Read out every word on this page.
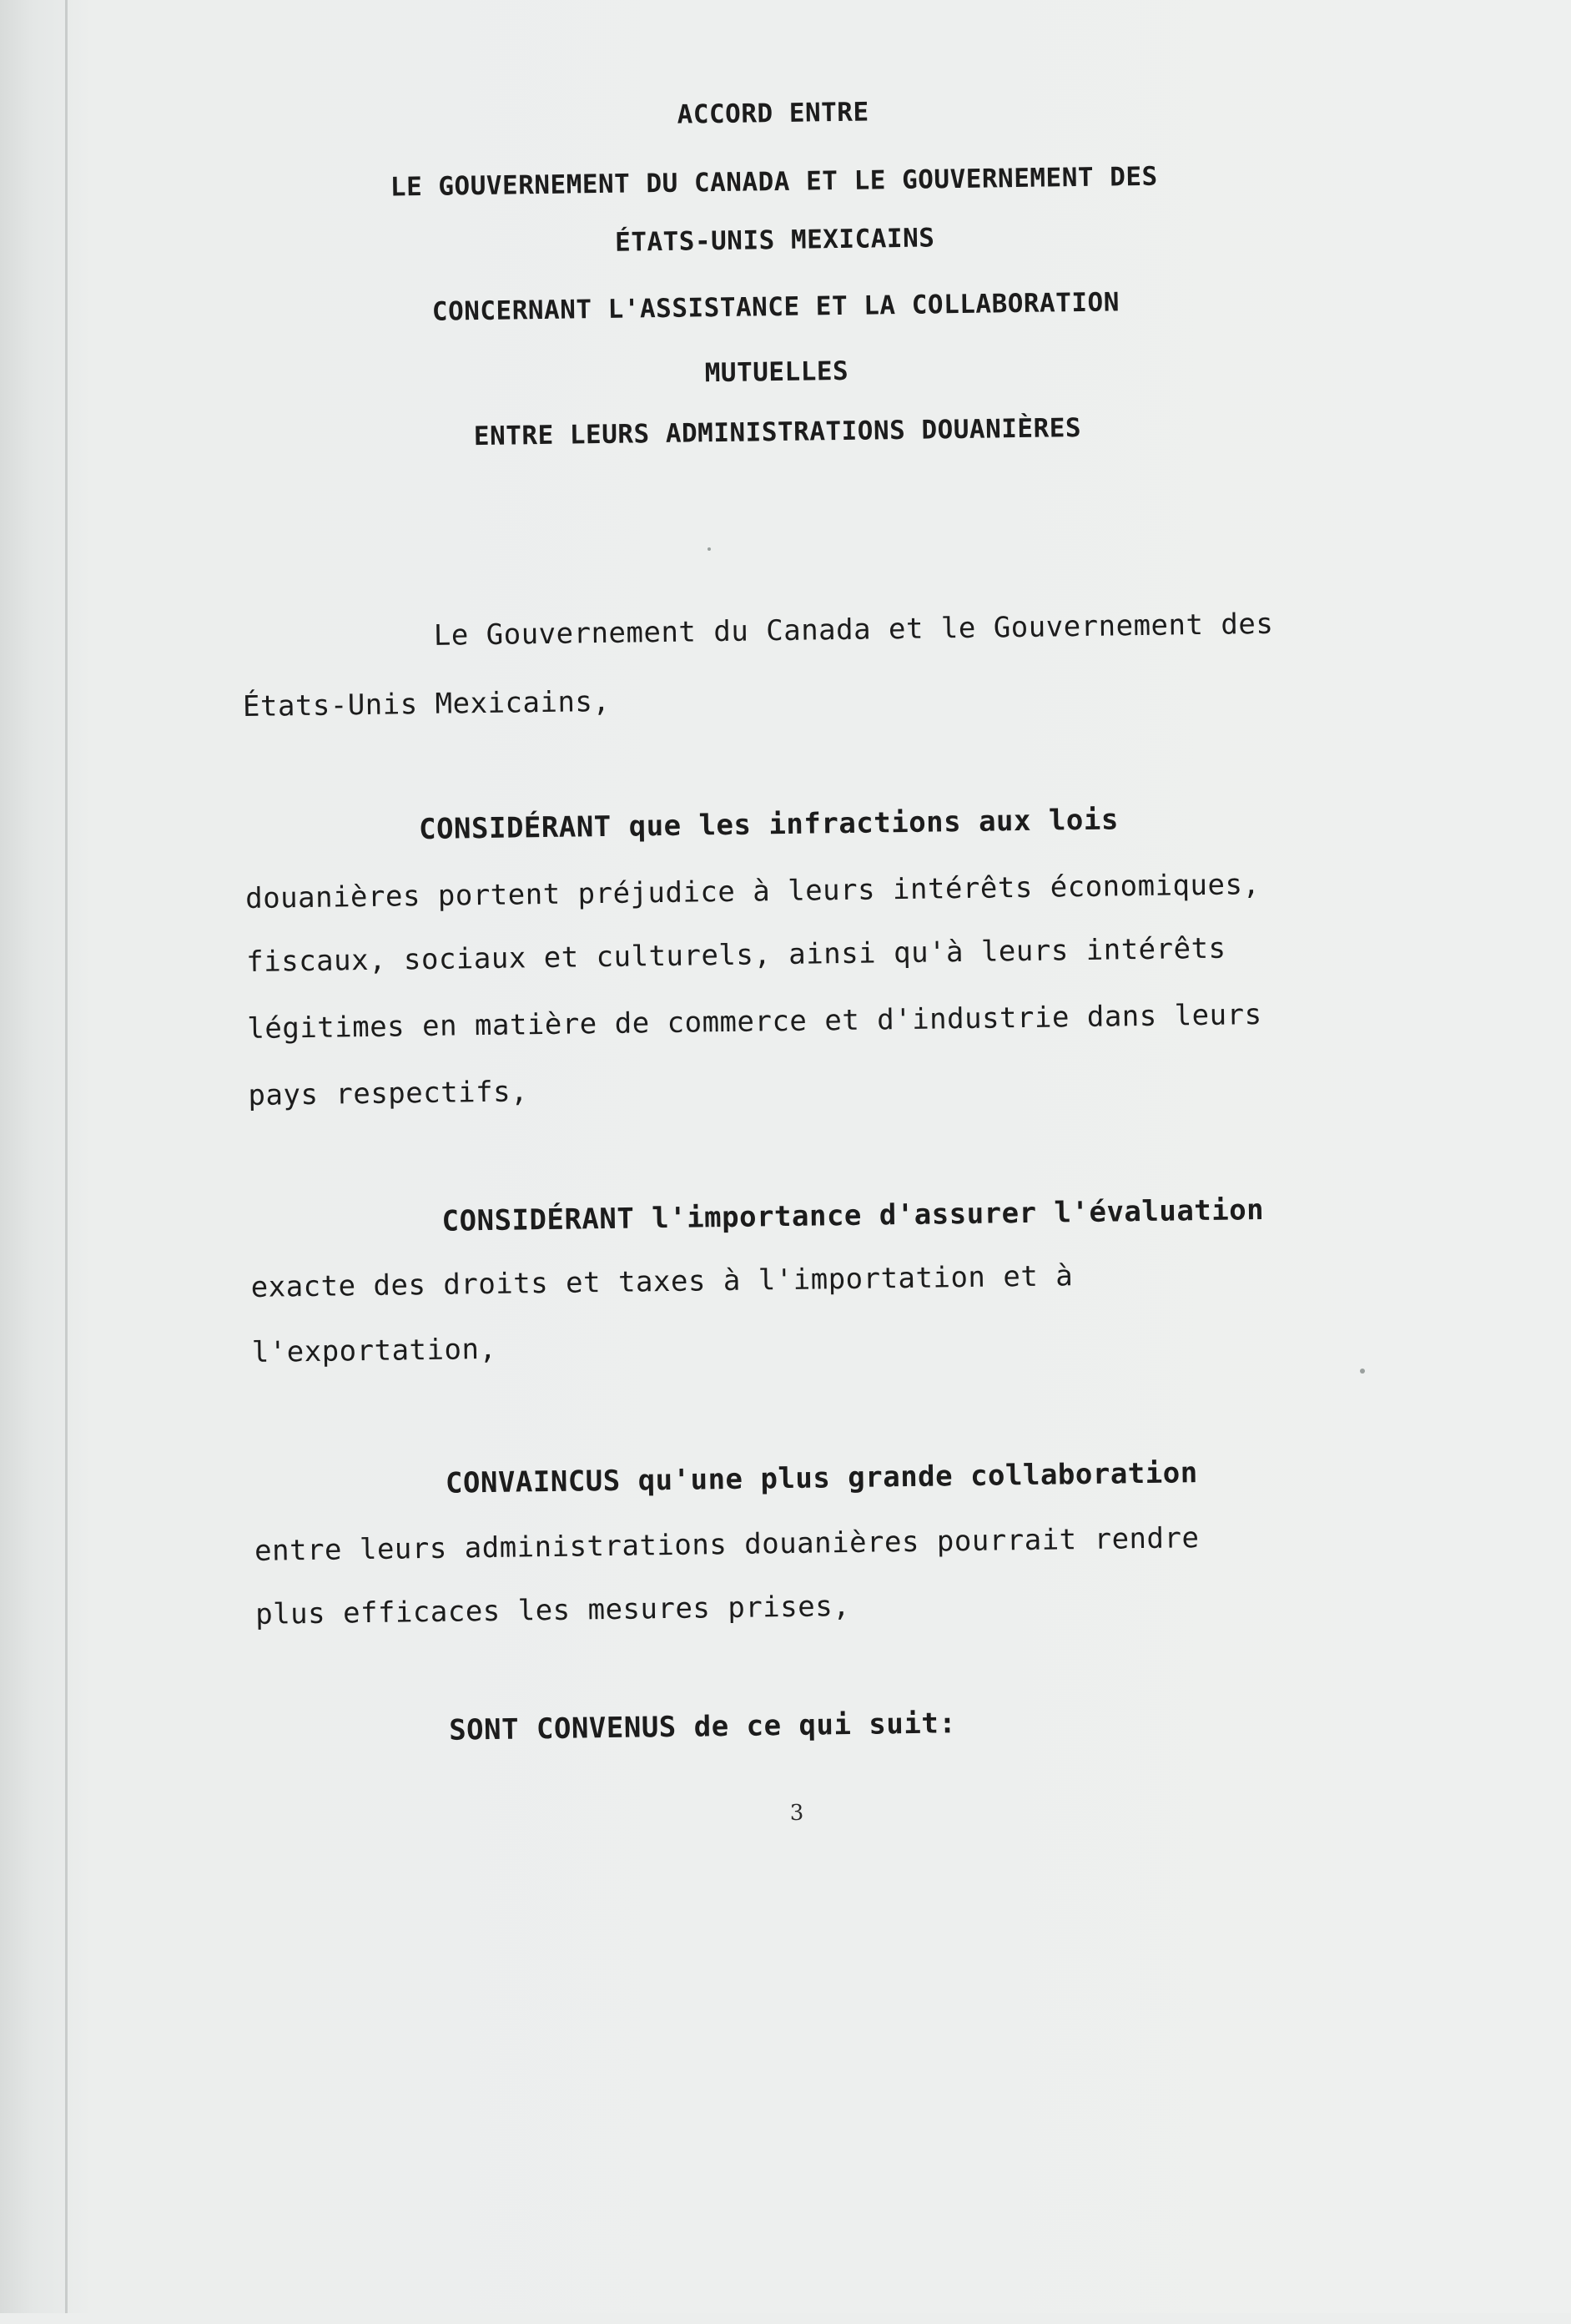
ACCORD ENTRE
LE GOUVERNEMENT DU CANADA ET LE GOUVERNEMENT DES
ÉTATS-UNIS MEXICAINS
CONCERNANT L'ASSISTANCE ET LA COLLABORATION
MUTUELLES
ENTRE LEURS ADMINISTRATIONS DOUANIÈRES
Le Gouvernement du Canada et le Gouvernement des
États-Unis Mexicains,
CONSIDÉRANT que les infractions aux lois
douanières portent préjudice à leurs intérêts économiques,
fiscaux, sociaux et culturels, ainsi qu'à leurs intérêts
légitimes en matière de commerce et d'industrie dans leurs
pays respectifs,
CONSIDÉRANT l'importance d'assurer l'évaluation
exacte des droits et taxes à l'importation et à
l'exportation,
CONVAINCUS qu'une plus grande collaboration
entre leurs administrations douanières pourrait rendre
plus efficaces les mesures prises,
SONT CONVENUS de ce qui suit:
3
